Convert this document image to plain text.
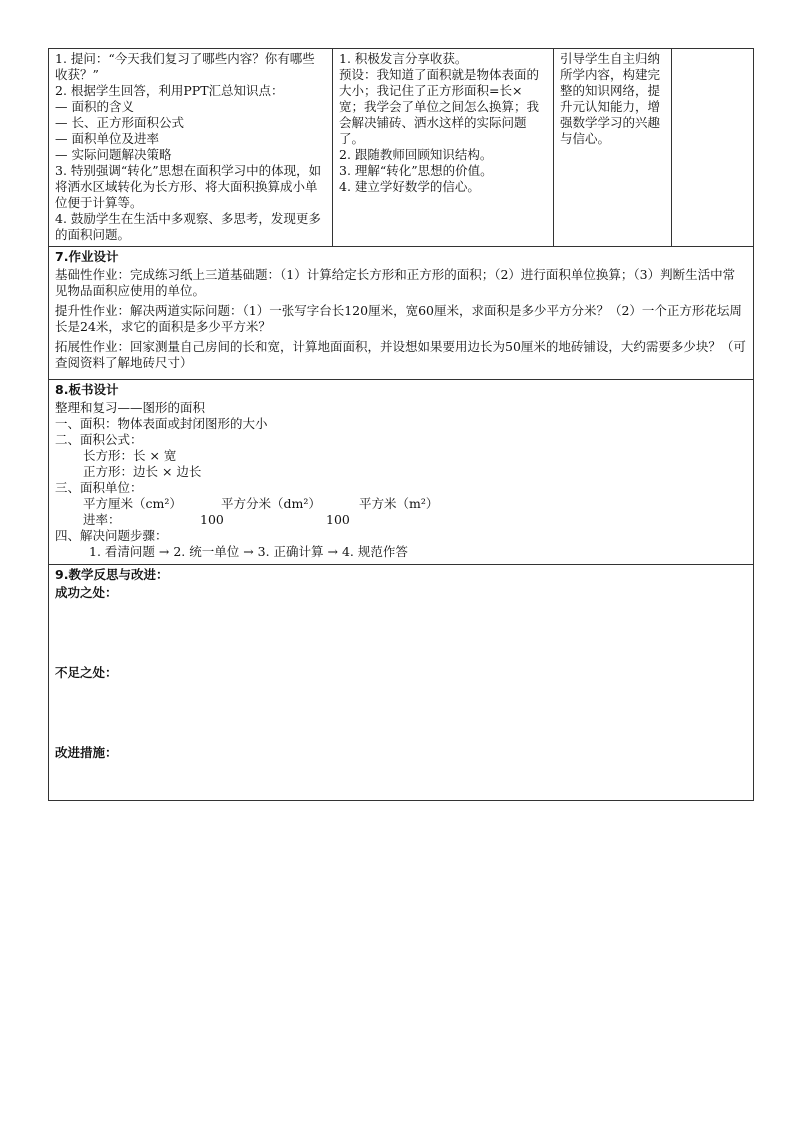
1. 提问：“今天我们复习了哪些内容？你有哪些收获？”
2. 根据学生回答，利用PPT汇总知识点：
— 面积的含义
— 长、正方形面积公式
— 面积单位及进率
— 实际问题解决策略
3. 特别强调“转化”思想在面积学习中的体现，如将洒水区域转化为长方形、将大面积换算成小单位便于计算等。
4. 鼓励学生在生活中多观察、多思考，发现更多的面积问题。

1. 积极发言分享收获。
预设：我知道了面积就是物体表面的大小；我记住了正方形面积=长×宽；我学会了单位之间怎么换算；我会解决铺砖、洒水这样的实际问题了。
2. 跟随教师回顾知识结构。
3. 理解“转化”思想的价值。
4. 建立学好数学的信心。

引导学生自主归纳所学内容，构建完整的知识网络，提升元认知能力，增强数学学习的兴趣与信心。

7.作业设计
基础性作业：完成练习纸上三道基础题：（1）计算给定长方形和正方形的面积；（2）进行面积单位换算；（3）判断生活中常见物品面积应使用的单位。
提升性作业：解决两道实际问题：（1）一张写字台长120厘米，宽60厘米，求面积是多少平方分米？（2）一个正方形花坛周长是24米，求它的面积是多少平方米？
拓展性作业：回家测量自己房间的长和宽，计算地面面积，并设想如果要用边长为50厘米的地砖铺设，大约需要多少块？（可查阅资料了解地砖尺寸）

8.板书设计
整理和复习——图形的面积
一、面积：物体表面或封闭图形的大小
二、面积公式：
长方形：长 × 宽
正方形：边长 × 边长
三、面积单位：
平方厘米（cm²）	平方分米（dm²）	平方米（m²）
进率：	100	100
四、解决问题步骤：
1. 看清问题 → 2. 统一单位 → 3. 正确计算 → 4. 规范作答

9.教学反思与改进：
成功之处：
不足之处：
改进措施：
